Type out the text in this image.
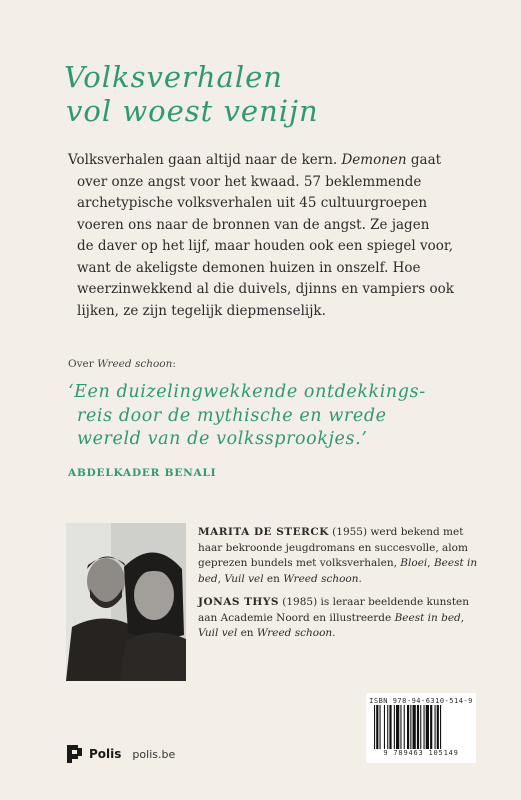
Volksverhalen
vol woest venijn

Volksverhalen gaan altijd naar de kern. Demonen gaat
over onze angst voor het kwaad. 57 beklemmende
archetypische volksverhalen uit 45 cultuurgroepen
voeren ons naar de bronnen van de angst. Ze jagen
de daver op het lijf, maar houden ook een spiegel voor,
want de akeligste demonen huizen in onszelf. Hoe
weerzinwekkend al die duivels, djinns en vampiers ook
lijken, ze zijn tegelijk diepmenselijk.

Over Wreed schoon:
‘Een duizelingwekkende ontdekkings-
reis door de mythische en wrede
wereld van de volkssprookjes.’
ABDELKADER BENALI

MARITA DE STERCK (1955) werd bekend met haar bekroonde jeugdromans en succesvolle, alom geprezen bundels met volksverhalen, Bloei, Beest in bed, Vuil vel en Wreed schoon.

JONAS THYS (1985) is leraar beeldende kunsten aan Academie Noord en illustreerde Beest in bed, Vuil vel en Wreed schoon.

ISBN 978-94-6310-514-9
9 789463 105149
Polis polis.be
